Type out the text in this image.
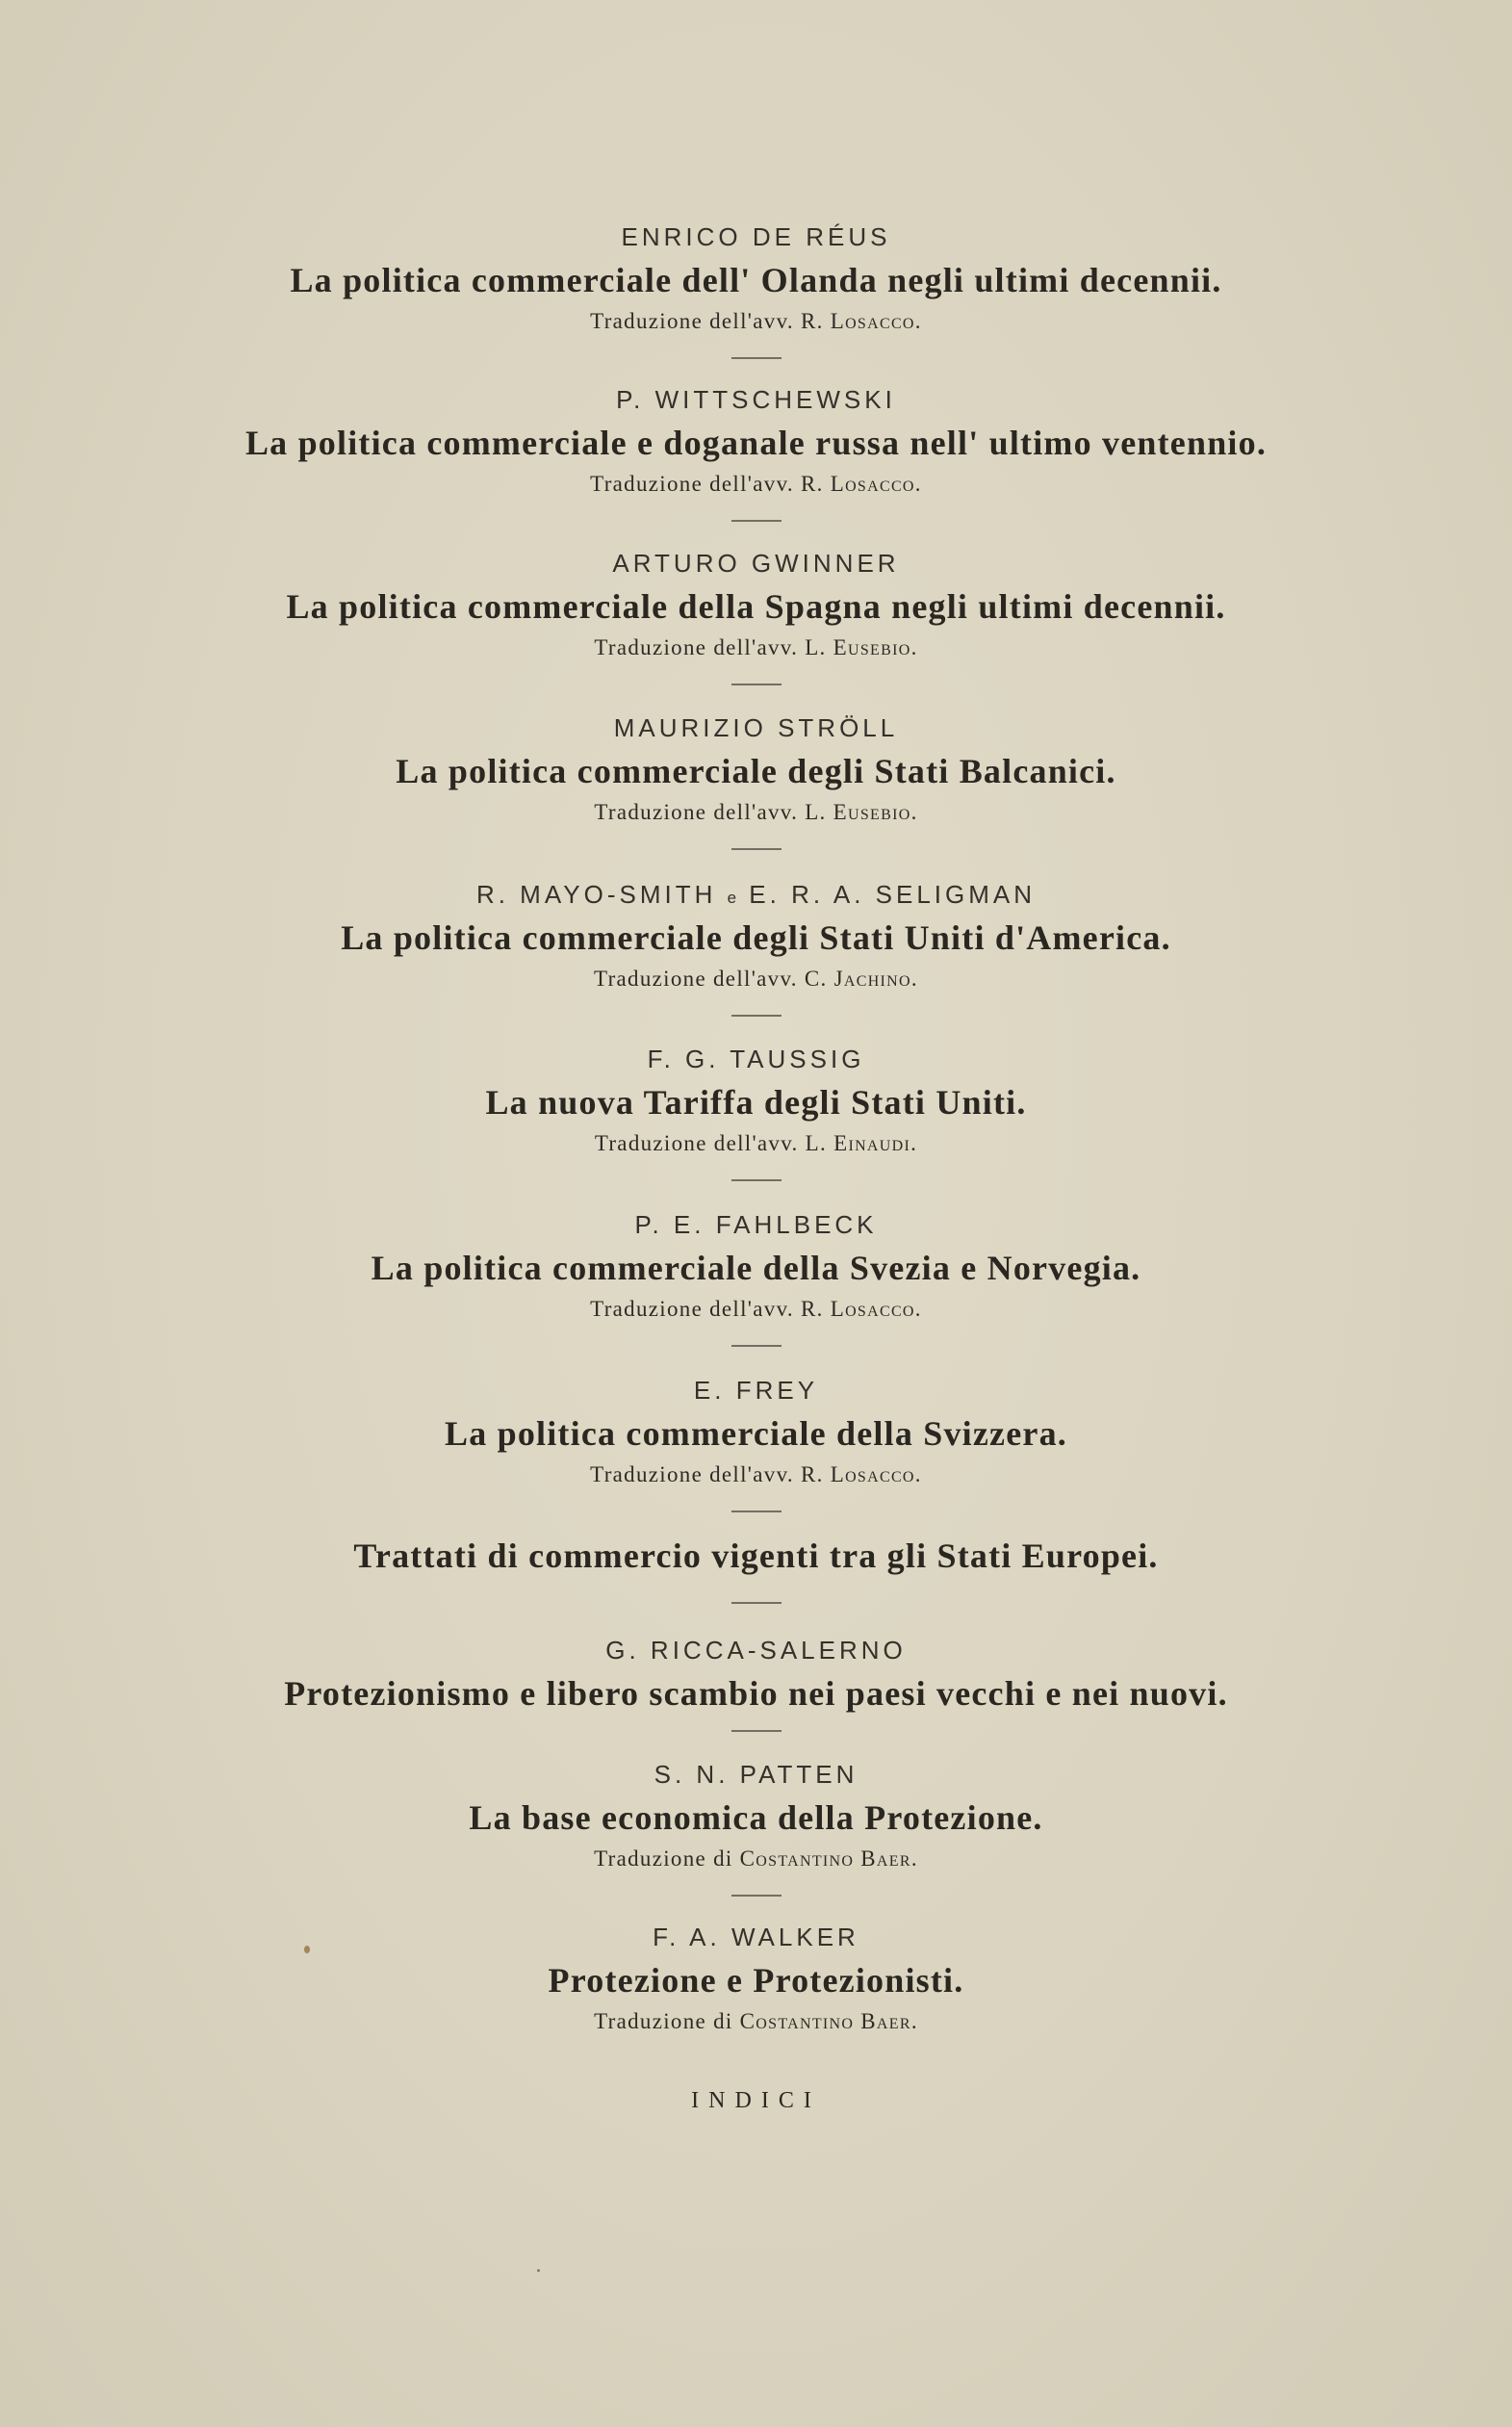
ENRICO DE RÉUS
La politica commerciale dell' Olanda negli ultimi decennii.
Traduzione dell'avv. R. Losacco.
P. WITTSCHEWSKI
La politica commerciale e doganale russa nell' ultimo ventennio.
Traduzione dell'avv. R. Losacco.
ARTURO GWINNER
La politica commerciale della Spagna negli ultimi decennii.
Traduzione dell'avv. L. Eusebio.
MAURIZIO STRÖLL
La politica commerciale degli Stati Balcanici.
Traduzione dell'avv. L. Eusebio.
R. MAYO-SMITH e E. R. A. SELIGMAN
La politica commerciale degli Stati Uniti d'America.
Traduzione dell'avv. C. Jachino.
F. G. TAUSSIG
La nuova Tariffa degli Stati Uniti.
Traduzione dell'avv. L. Einaudi.
P. E. FAHLBECK
La politica commerciale della Svezia e Norvegia.
Traduzione dell'avv. R. Losacco.
E. FREY
La politica commerciale della Svizzera.
Traduzione dell'avv. R. Losacco.
Trattati di commercio vigenti tra gli Stati Europei.
G. RICCA-SALERNO
Protezionismo e libero scambio nei paesi vecchi e nei nuovi.
S. N. PATTEN
La base economica della Protezione.
Traduzione di Costantino Baer.
F. A. WALKER
Protezione e Protezionisti.
Traduzione di Costantino Baer.
INDICI
